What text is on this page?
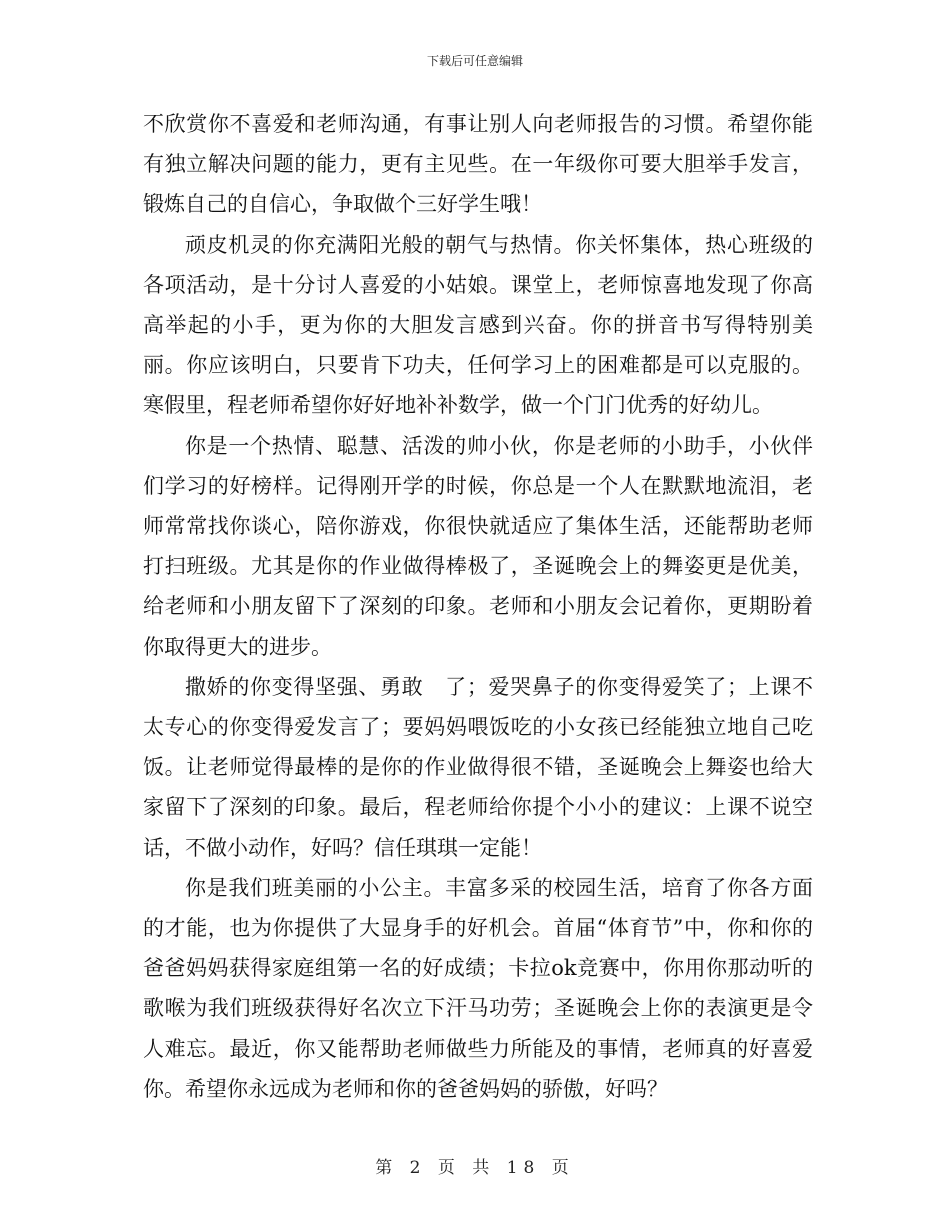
下载后可任意编辑

不欣赏你不喜爱和老师沟通，有事让别人向老师报告的习惯。希望你能有独立解决问题的能力，更有主见些。在一年级你可要大胆举手发言，锻炼自己的自信心，争取做个三好学生哦！

顽皮机灵的你充满阳光般的朝气与热情。你关怀集体，热心班级的各项活动，是十分讨人喜爱的小姑娘。课堂上，老师惊喜地发现了你高高举起的小手，更为你的大胆发言感到兴奋。你的拼音书写得特别美丽。你应该明白，只要肯下功夫，任何学习上的困难都是可以克服的。寒假里，程老师希望你好好地补补数学，做一个门门优秀的好幼儿。

你是一个热情、聪慧、活泼的帅小伙，你是老师的小助手，小伙伴们学习的好榜样。记得刚开学的时候，你总是一个人在默默地流泪，老师常常找你谈心，陪你游戏，你很快就适应了集体生活，还能帮助老师打扫班级。尤其是你的作业做得棒极了，圣诞晚会上的舞姿更是优美，给老师和小朋友留下了深刻的印象。老师和小朋友会记着你，更期盼着你取得更大的进步。

撒娇的你变得坚强、勇敢　了；爱哭鼻子的你变得爱笑了；上课不太专心的你变得爱发言了；要妈妈喂饭吃的小女孩已经能独立地自己吃饭。让老师觉得最棒的是你的作业做得很不错，圣诞晚会上舞姿也给大家留下了深刻的印象。最后，程老师给你提个小小的建议：上课不说空话，不做小动作，好吗？信任琪琪一定能！

你是我们班美丽的小公主。丰富多采的校园生活，培育了你各方面的才能，也为你提供了大显身手的好机会。首届“体育节”中，你和你的爸爸妈妈获得家庭组第一名的好成绩；卡拉ok竞赛中，你用你那动听的歌喉为我们班级获得好名次立下汗马功劳；圣诞晚会上你的表演更是令人难忘。最近，你又能帮助老师做些力所能及的事情，老师真的好喜爱你。希望你永远成为老师和你的爸爸妈妈的骄傲，好吗？

第 2 页 共 18 页
